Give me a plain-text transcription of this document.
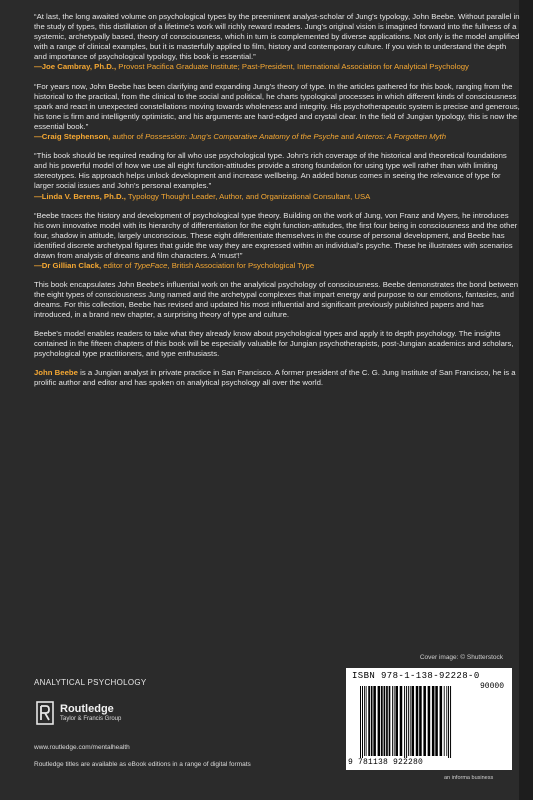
“At last, the long awaited volume on psychological types by the preeminent analyst-scholar of Jung's typology, John Beebe. Without parallel in the study of types, this distillation of a lifetime's work will richly reward readers. Jung's original vision is imagined forward into the fullness of a systemic, archetypally based, theory of consciousness, which in turn is complemented by diverse applications. Not only is the model amplified with a range of clinical examples, but it is masterfully applied to film, history and contemporary culture. If you wish to understand the depth and importance of psychological typology, this book is essential.”
—Joe Cambray, Ph.D., Provost Pacifica Graduate Institute; Past-President, International Association for Analytical Psychology
“For years now, John Beebe has been clarifying and expanding Jung's theory of type. In the articles gathered for this book, ranging from the historical to the practical, from the clinical to the social and political, he charts typological processes in which different kinds of consciousness spark and react in unexpected constellations moving towards wholeness and integrity. His psychotherapeutic system is precise and generous, his tone is firm and intelligently optimistic, and his arguments are hard-edged and crystal clear. In the field of Jungian typology, this is now the essential book.”
—Craig Stephenson, author of Possession: Jung's Comparative Anatomy of the Psyche and Anteros: A Forgotten Myth
“This book should be required reading for all who use psychological type. John's rich coverage of the historical and theoretical foundations and his powerful model of how we use all eight function-attitudes provide a strong foundation for using type well rather than with limiting stereotypes. His approach helps unlock development and increase wellbeing. An added bonus comes in seeing the relevance of type for larger social issues and John's personal examples.”
—Linda V. Berens, Ph.D., Typology Thought Leader, Author, and Organizational Consultant, USA
“Beebe traces the history and development of psychological type theory. Building on the work of Jung, von Franz and Myers, he introduces his own innovative model with its hierarchy of differentiation for the eight function-attitudes, the first four being in consciousness and the other four, shadow in attitude, largely unconscious. These eight differentiate themselves in the course of personal development, and Beebe has identified discrete archetypal figures that guide the way they are expressed within an individual's psyche. These he illustrates with scenarios drawn from analysis of dreams and film characters. A 'must'!”
—Dr Gillian Clack, editor of TypeFace, British Association for Psychological Type

This book encapsulates John Beebe's influential work on the analytical psychology of consciousness. Beebe demonstrates the bond between the eight types of consciousness Jung named and the archetypal complexes that impart energy and purpose to our emotions, fantasies, and dreams. For this collection, Beebe has revised and updated his most influential and significant previously published papers and has introduced, in a brand new chapter, a surprising theory of type and culture.

Beebe's model enables readers to take what they already know about psychological types and apply it to depth psychology. The insights contained in the fifteen chapters of this book will be especially valuable for Jungian psychotherapists, post-Jungian academics and scholars, psychological type practitioners, and type enthusiasts.

John Beebe is a Jungian analyst in private practice in San Francisco. A former president of the C. G. Jung Institute of San Francisco, he is a prolific author and editor and has spoken on analytical psychology all over the world.

Cover image: © Shutterstock
ANALYTICAL PSYCHOLOGY
Routledge
Taylor & Francis Group
www.routledge.com/mentalhealth
Routledge titles are available as eBook editions in a range of digital formats
ISBN 978-1-138-92228-0
90000
9 781138 922280
an informa business
